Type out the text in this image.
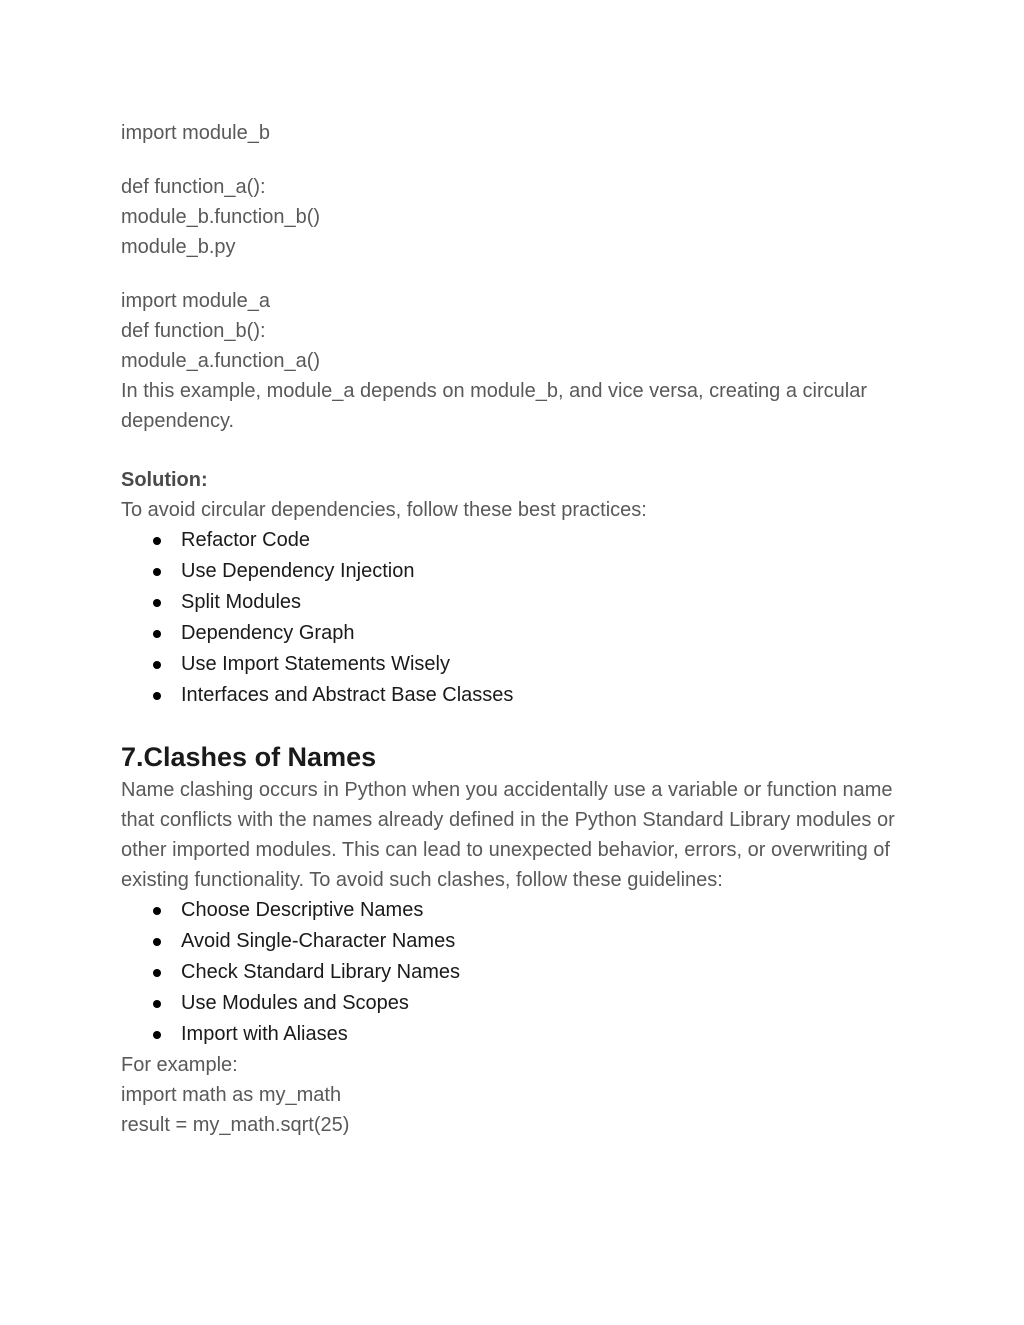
import module_b
def function_a():
module_b.function_b()
module_b.py
import module_a
def function_b():
module_a.function_a()
In this example, module_a depends on module_b, and vice versa, creating a circular dependency.
Solution:
To avoid circular dependencies, follow these best practices:
Refactor Code
Use Dependency Injection
Split Modules
Dependency Graph
Use Import Statements Wisely
Interfaces and Abstract Base Classes
7.Clashes of Names
Name clashing occurs in Python when you accidentally use a variable or function name that conflicts with the names already defined in the Python Standard Library modules or other imported modules. This can lead to unexpected behavior, errors, or overwriting of existing functionality. To avoid such clashes, follow these guidelines:
Choose Descriptive Names
Avoid Single-Character Names
Check Standard Library Names
Use Modules and Scopes
Import with Aliases
For example:
import math as my_math
result = my_math.sqrt(25)
